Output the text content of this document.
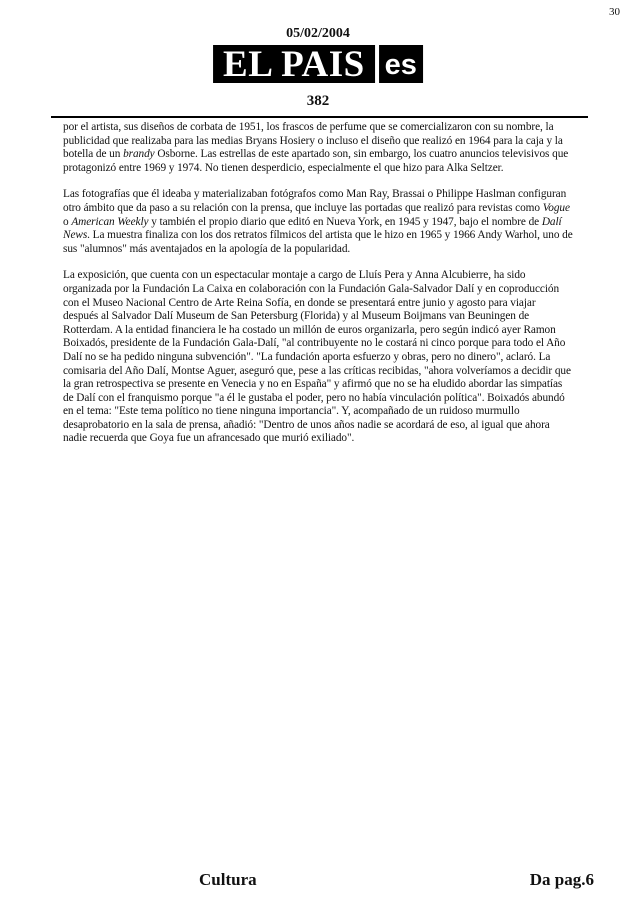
30
05/02/2004
EL PAIS es
382

por el artista, sus diseños de corbata de 1951, los frascos de perfume que se comercializaron con su nombre, la publicidad que realizaba para las medias Bryans Hosiery o incluso el diseño que realizó en 1964 para la caja y la botella de un brandy Osborne. Las estrellas de este apartado son, sin embargo, los cuatro anuncios televisivos que protagonizó entre 1969 y 1974. No tienen desperdicio, especialmente el que hizo para Alka Seltzer.

Las fotografías que él ideaba y materializaban fotógrafos como Man Ray, Brassai o Philippe Haslman configuran otro ámbito que da paso a su relación con la prensa, que incluye las portadas que realizó para revistas como Vogue o American Weekly y también el propio diario que editó en Nueva York, en 1945 y 1947, bajo el nombre de Dalí News. La muestra finaliza con los dos retratos fílmicos del artista que le hizo en 1965 y 1966 Andy Warhol, uno de sus "alumnos" más aventajados en la apología de la popularidad.

La exposición, que cuenta con un espectacular montaje a cargo de Lluís Pera y Anna Alcubierre, ha sido organizada por la Fundación La Caixa en colaboración con la Fundación Gala-Salvador Dalí y en coproducción con el Museo Nacional Centro de Arte Reina Sofía, en donde se presentará entre junio y agosto para viajar después al Salvador Dalí Museum de San Petersburg (Florida) y al Museum Boijmans van Beuningen de Rotterdam. A la entidad financiera le ha costado un millón de euros organizarla, pero según indicó ayer Ramon Boixadós, presidente de la Fundación Gala-Dalí, "al contribuyente no le costará ni cinco porque para todo el Año Dalí no se ha pedido ninguna subvención". "La fundación aporta esfuerzo y obras, pero no dinero", aclaró. La comisaria del Año Dalí, Montse Aguer, aseguró que, pese a las críticas recibidas, "ahora volveríamos a decidir que la gran retrospectiva se presente en Venecia y no en España" y afirmó que no se ha eludido abordar las simpatías de Dalí con el franquismo porque "a él le gustaba el poder, pero no había vinculación política". Boixadós abundó en el tema: "Este tema político no tiene ninguna importancia". Y, acompañado de un ruidoso murmullo desaprobatorio en la sala de prensa, añadió: "Dentro de unos años nadie se acordará de eso, al igual que ahora nadie recuerda que Goya fue un afrancesado que murió exiliado".

Cultura	Da pag.6
